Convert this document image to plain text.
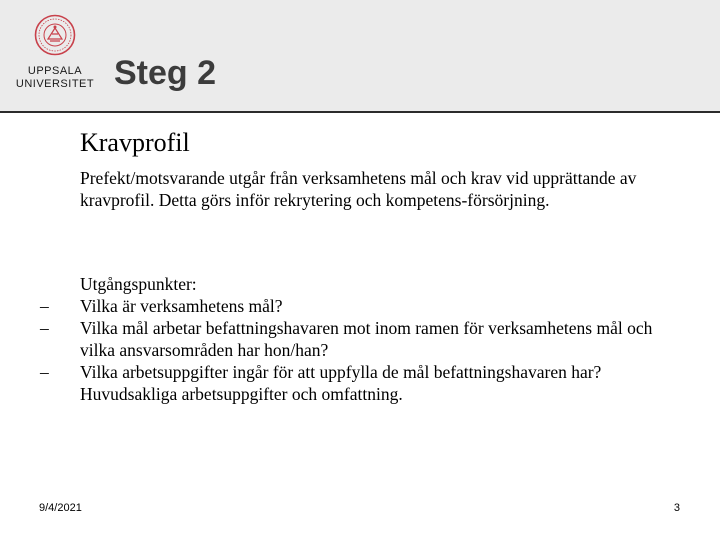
UPPSALA
UNIVERSITET Steg 2
Kravprofil

Prefekt/motsvarande utgår från verksamhetens mål och krav vid upprättande av kravprofil. Detta görs inför rekrytering och kompetens-försörjning.

Utgångspunkter:

– Vilka är verksamhetens mål?
– Vilka mål arbetar befattningshavaren mot inom ramen för verksamhetens mål och vilka ansvarsområden har hon/han?
– Vilka arbetsuppgifter ingår för att uppfylla de mål befattningshavaren har? Huvudsakliga arbetsuppgifter och omfattning.
9/4/2021	3
